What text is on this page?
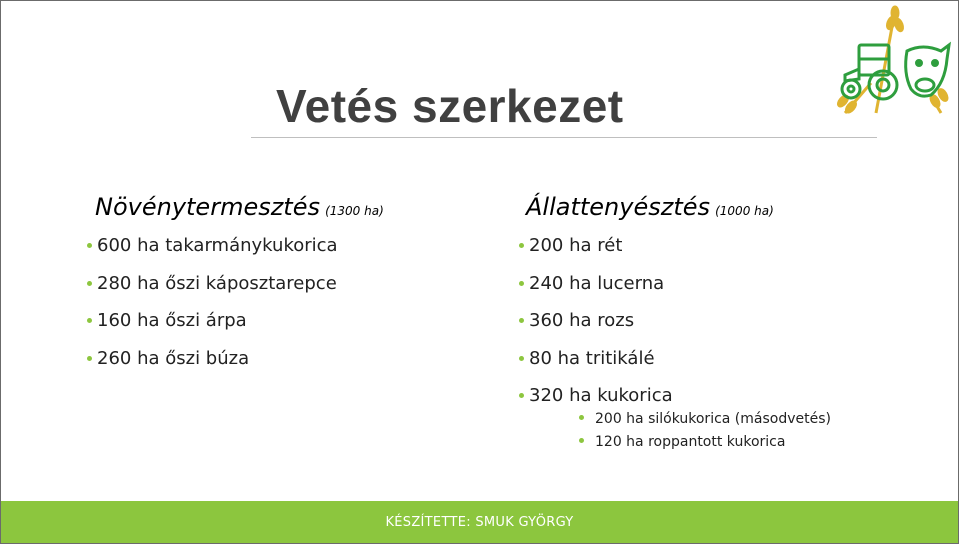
Vetés szerkezet
Növénytermesztés (1300 ha)
600 ha takarmánykukorica
280 ha őszi káposztarepce
160 ha őszi árpa
260 ha őszi búza
Állattenyésztés (1000 ha)
200 ha rét
240 ha lucerna
360 ha rozs
80 ha tritikálé
320 ha kukorica
200 ha silókukorica (másodvetés)
120 ha roppantott kukorica
KÉSZÍTETTE: SMUK GYÖRGY
